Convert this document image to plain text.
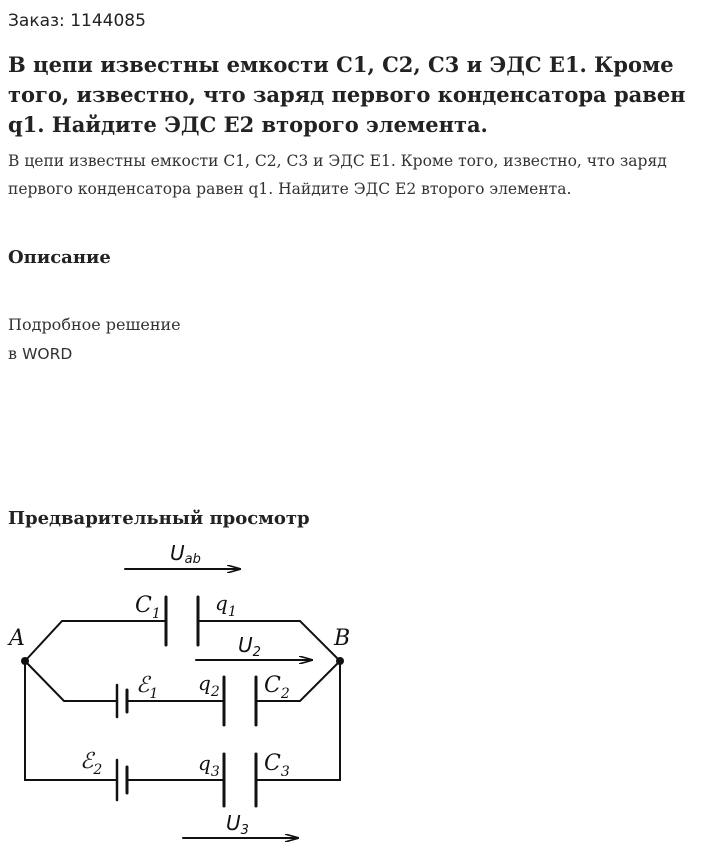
Заказ: 1144085
В цепи известны емкости C1, C2, C3 и ЭДС E1. Кроме того, известно, что заряд первого конденсатора равен q1. Найдите ЭДС E2 второго элемента.

В цепи известны емкости C1, C2, C3 и ЭДС E1. Кроме того, известно, что заряд первого конденсатора равен q1. Найдите ЭДС E2 второго элемента.

Описание
Подробное решение
в WORD
Предварительный просмотр
A	B
Uab
$C_1$	$q_1$
$U_2$
ℰ$_1$ $q_2$ $C_2$
ℰ$_2$	$q_3$ $C_3$
$U_3$
